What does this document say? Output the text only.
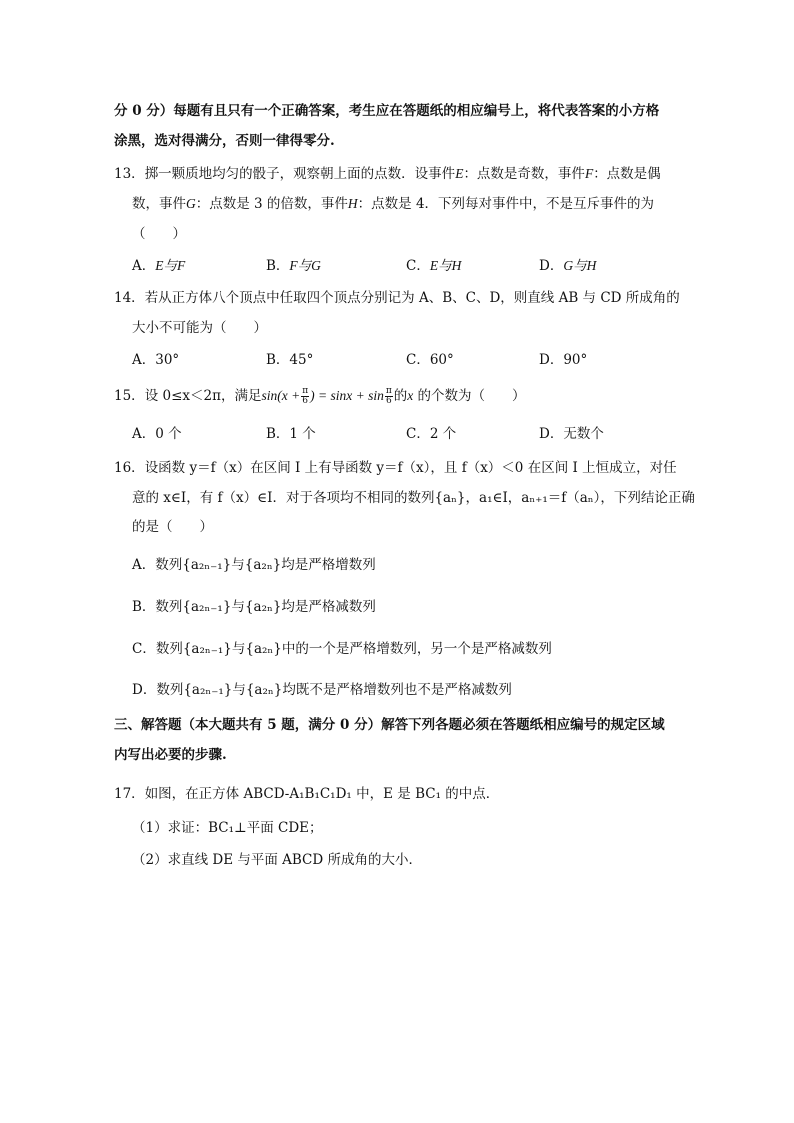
分 0 分）每题有且只有一个正确答案，考生应在答题纸的相应编号上，将代表答案的小方格
涂黑，选对得满分，否则一律得零分.
13．掷一颗质地均匀的骰子，观察朝上面的点数．设事件E：点数是奇数，事件F：点数是偶
数，事件G：点数是 3 的倍数，事件H：点数是 4．下列每对事件中，不是互斥事件的为
（　　）
A．E与F	B．F与G	C．E与H	D．G与H
14．若从正方体八个顶点中任取四个顶点分别记为 A、B、C、D，则直线 AB 与 CD 所成角的
大小不可能为（　　）
A．30°	B．45°	C．60°	D．90°
15．设 0≤x＜2π，满足$\sin(x + \frac{\pi}{6}$ ) = $\sin x + \sin \frac{\pi}{6}$ 的x 的个数为（　　）
A．0 个	B．1 个	C．2 个	D．无数个
16．设函数 y＝f（x）在区间 I 上有导函数 y＝f（x），且 f（x）＜0 在区间 I 上恒成立，对任
意的 x∈I，有 f（x）∈I．对于各项均不相同的数列{aₙ}，a₁∈I，aₙ₊₁＝f（aₙ），下列结论正确
的是（　　）
A．数列{a₂ₙ₋₁}与{a₂ₙ}均是严格增数列
B．数列{a₂ₙ₋₁}与{a₂ₙ}均是严格减数列
C．数列{a₂ₙ₋₁}与{a₂ₙ}中的一个是严格增数列，另一个是严格减数列
D．数列{a₂ₙ₋₁}与{a₂ₙ}均既不是严格增数列也不是严格减数列
三、解答题（本大题共有 5 题，满分 0 分）解答下列各题必须在答题纸相应编号的规定区域
内写出必要的步骤.
17．如图，在正方体 ABCD-A₁B₁C₁D₁ 中，E 是 BC₁ 的中点．
（1）求证：BC₁⊥平面 CDE；
（2）求直线 DE 与平面 ABCD 所成角的大小．
